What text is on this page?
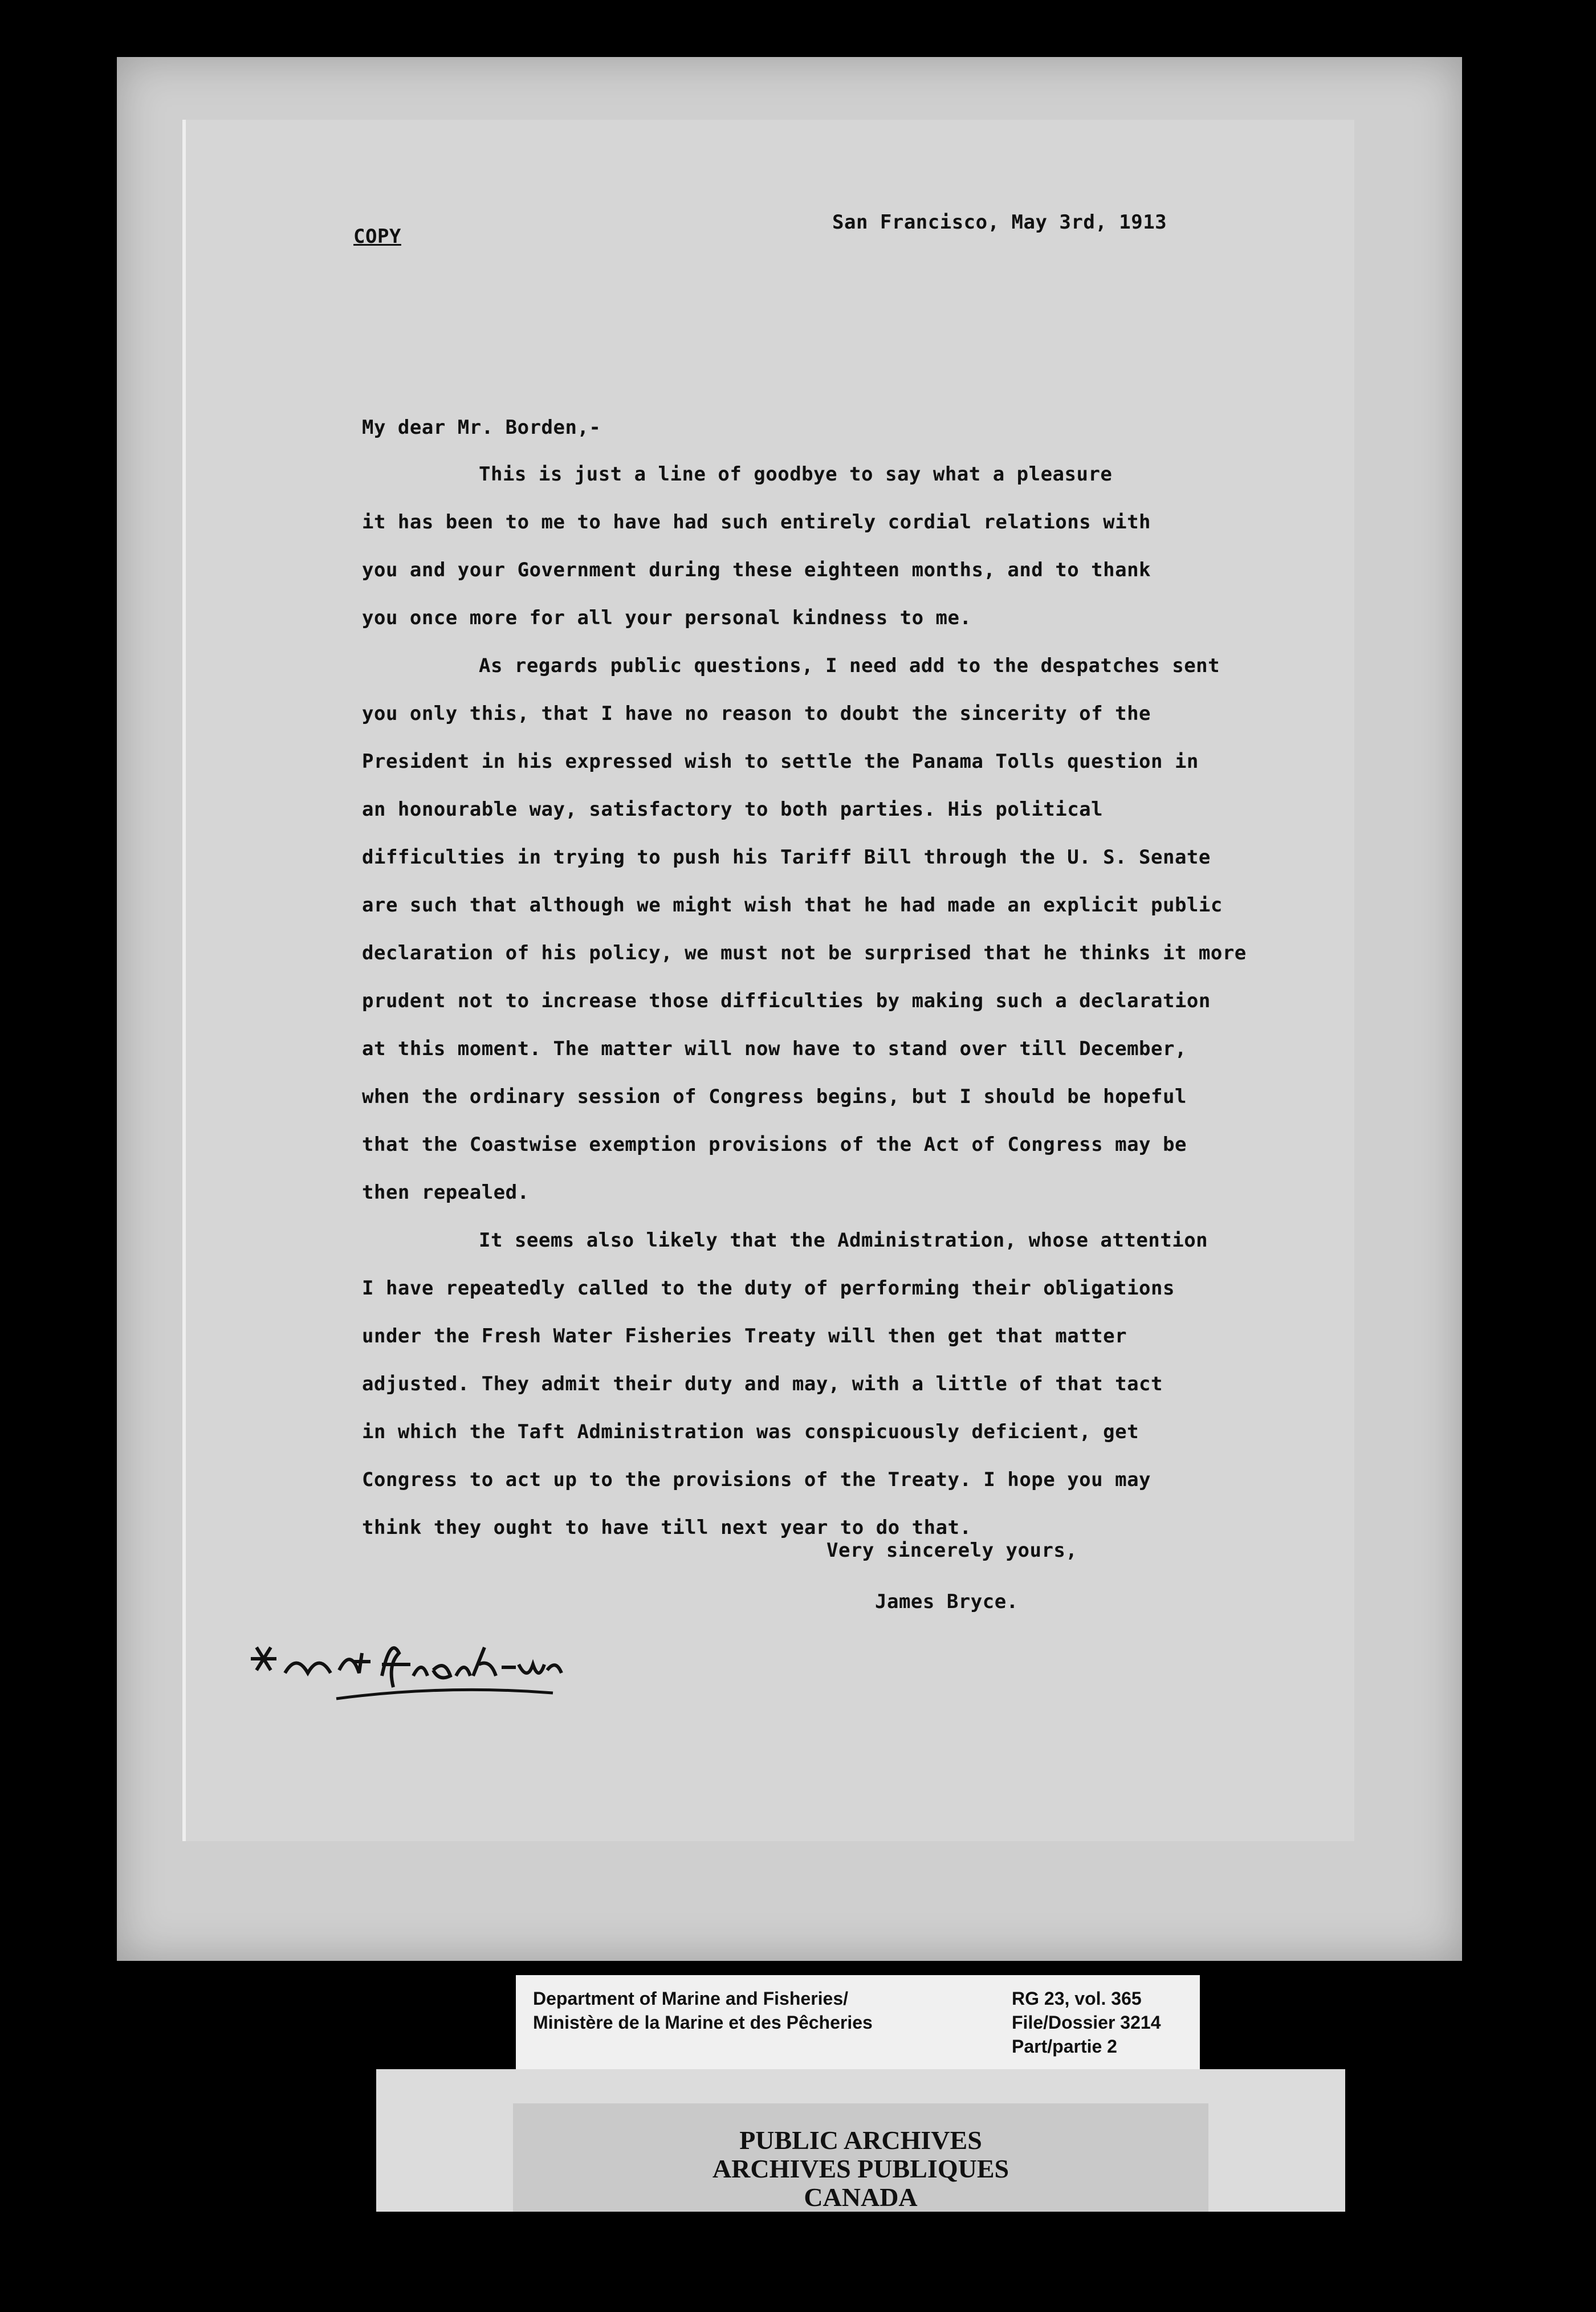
COPY
San Francisco, May 3rd, 1913
My dear Mr. Borden,-
This is just a line of goodbye to say what a pleasure
it has been to me to have had such entirely cordial relations with
you and your Government during these eighteen months, and to thank
you once more for all your personal kindness to me.
As regards public questions, I need add to the despatches sent
you only this, that I have no reason to doubt the sincerity of the
President in his expressed wish to settle the Panama Tolls question in
an honourable way, satisfactory to both parties. His political
difficulties in trying to push his Tariff Bill through the U. S. Senate
are such that although we might wish that he had made an explicit public
declaration of his policy, we must not be surprised that he thinks it more
prudent not to increase those difficulties by making such a declaration
at this moment. The matter will now have to stand over till December,
when the ordinary session of Congress begins, but I should be hopeful
that the Coastwise exemption provisions of the Act of Congress may be
then repealed.
It seems also likely that the Administration, whose attention
I have repeatedly called to the duty of performing their obligations
under the Fresh Water Fisheries Treaty will then get that matter
adjusted. They admit their duty and may, with a little of that tact
in which the Taft Administration was conspicuously deficient, get
Congress to act up to the provisions of the Treaty. I hope you may
think they ought to have till next year to do that.
Very sincerely yours,
James Bryce.
Department of Marine and Fisheries/
Ministère de la Marine et des Pêcheries
RG 23, vol. 365
File/Dossier 3214
Part/partie 2
PUBLIC ARCHIVES
ARCHIVES PUBLIQUES
CANADA
